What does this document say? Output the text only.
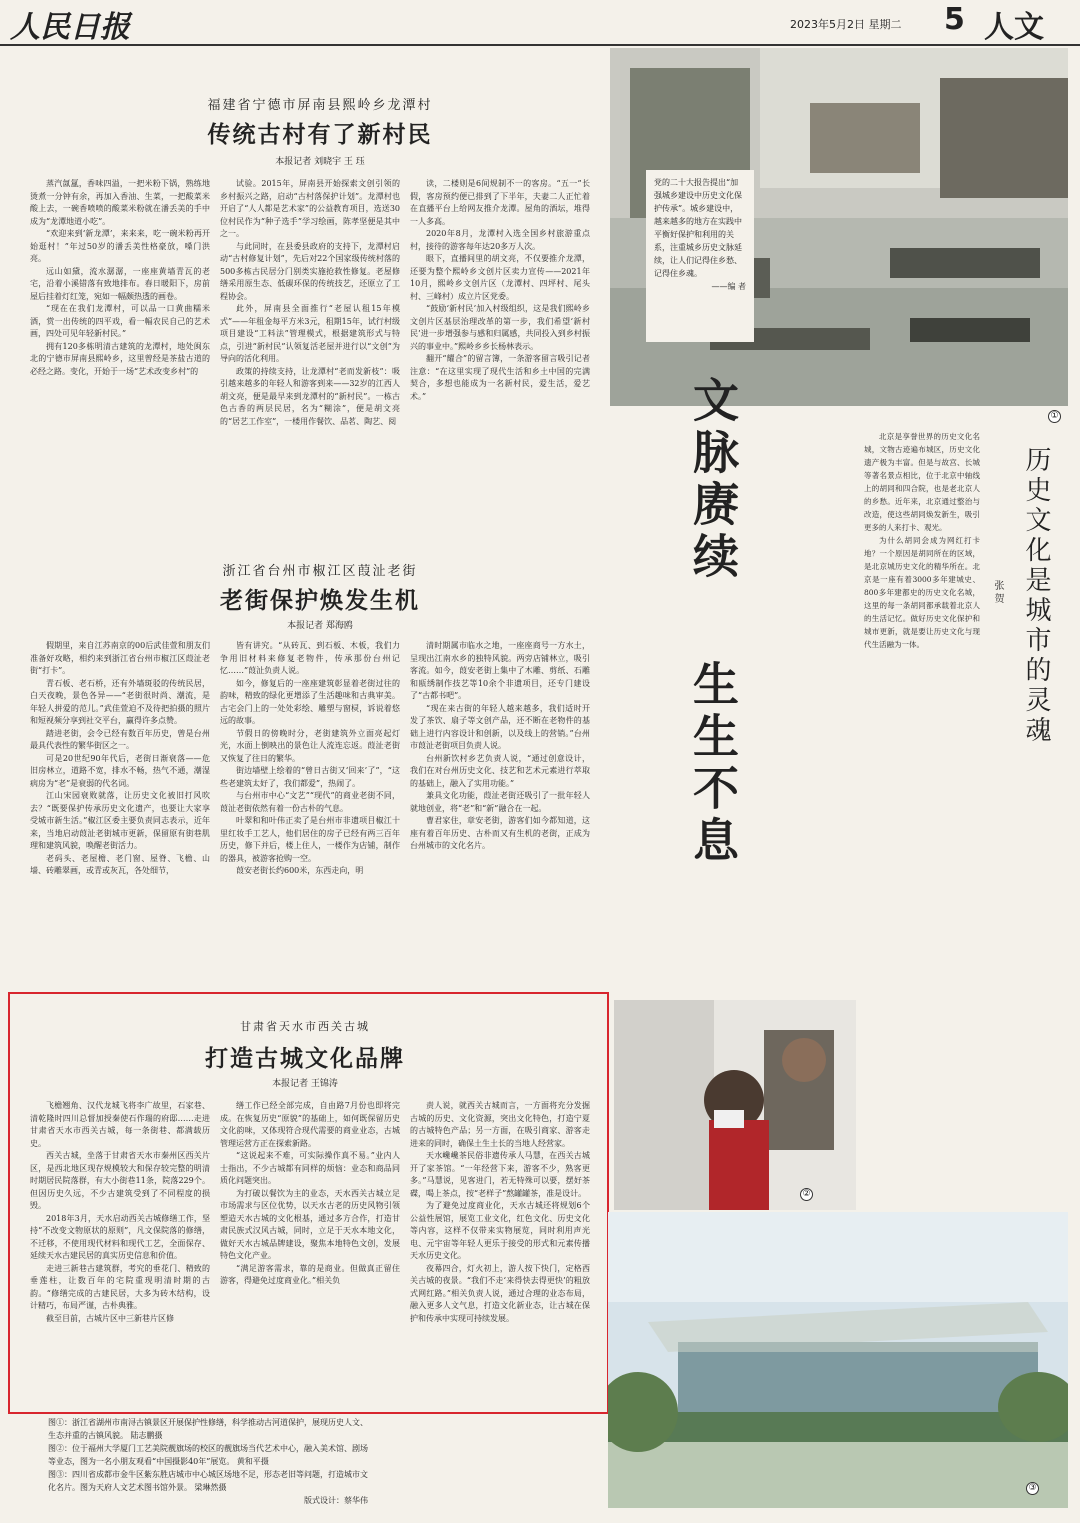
人民日报	2023年5月2日 星期二 5 人文
党的二十大报告提出“加强城乡建设中历史文化保护传承”。城乡建设中，越来越多的地方在实践中平衡好保护和利用的关系，注重城乡历史文脉延续，让人们记得住乡愁、记得住乡魂。

——编 者
①
文脉赓续
生生不息
福建省宁德市屏南县熙岭乡龙潭村
传统古村有了新村民
本报记者 刘晓宇 王 珏

蒸汽氤氲，香味四溢，一把米粉下锅，熟练地烫煮一分钟有余，再加入香油、生菜，一把酸菜米酸上去，一碗香喷喷的酸菜米粉就在潘丢美的手中成为“龙潭地道小吃”。

“欢迎来到‘新龙潭’，来来来，吃一碗米粉再开始逛村！”年过50岁的潘丢美性格豪放，嗓门洪亮。

远山如黛，流水潺潺，一座座黄墙青瓦的老宅，沿着小溪错落有致地排布。春日暖阳下，房前屋后挂着灯红笼，宛如一幅颇热透的画卷。

“现在在我们龙潭村，可以品一口黄曲糯米酒，赏一出传统的四平戏，看一幅农民自己的艺术画，四处可见年轻新村民。”

拥有120多栋明清古建筑的龙潭村，地处闽东北的宁德市屏南县熙岭乡，这里曾经是茶盐古道的必经之路。变化，开始于一场“艺术改变乡村”的

试验。2015年，屏南县开始探索文创引领的乡村振兴之路，启动“古村落保护计划”。龙潭村也开启了“人人都是艺术家”的公益教育项目，选送30位村民作为“种子选手”学习绘画，陈孝坚便是其中之一。

与此同时，在县委县政府的支持下，龙潭村启动“古村修复计划”，先后对22个国家级传统村落的500多栋古民居分门别类实施抢救性修复。老屋修缮采用原生态、低碳环保的传统技艺，还原立了工程协会。

此外，屏南县全面推行“老屋认租15年模式”——年租金每平方米3元，租期15年，试行村级项目建设“工料法”管理模式，根据建筑形式与特点，引进“新村民”认领复活老屋并进行以“文创”为导向的活化利用。

政策的持续支持，让龙潭村“老而发新枝”：吸引越来越多的年轻人和游客到来——32岁的江西人胡文亮，便是最早来到龙潭村的“新村民”。一栋古色古香的两层民居，名为“糊涂”，便是胡文亮的“居艺工作室”，一楼用作餐饮、品茗、陶艺、阅

读，二楼则是6间规制不一的客房。“五一”长假，客房预约便已排到了下半年，夫妻二人正忙着在直播平台上给网友推介龙潭。屋角的酒坛，堆得一人多高。

2020年8月，龙潭村入选全国乡村旅游重点村，接待的游客每年达20多万人次。

眼下，直播间里的胡文亮，不仅要推介龙潭，还要为整个熙岭乡文创片区卖力宣传——2021年10月，熙岭乡文创片区（龙潭村、四坪村、尾头村、三峰村）成立片区党委。

“鼓励‘新村民’加入村级组织，这是我们熙岭乡文创片区基层治理改革的第一步，我们希望‘新村民’进一步增强参与感和归属感，共同投入到乡村振兴的事业中。”熙岭乡乡长杨林表示。

翻开“耀合”的留言簿，一条游客留言吸引记者注意：“在这里实现了现代生活和乡土中国的完满契合，多想也能成为一名新村民，爱生活，爱艺术。”

浙江省台州市椒江区葭沚老街
老街保护焕发生机
本报记者 郑海鸥

假期里，来自江苏南京的00后武佳萱和朋友们准备好攻略，相约来到浙江省台州市椒江区葭沚老街“打卡”。

青石板、老石桥，还有外墙斑驳的传统民居，白天夜晚，景色各异——“老街很时尚、潮流，是年轻人拼爱的范儿。”武佳萱迫不及待把拍摄的照片和短视频分享到社交平台，赢得许多点赞。

踏进老街，会令已经有数百年历史，曾是台州最具代表性的繁华街区之一。

可是20世纪90年代后，老街日渐衰落——危旧房林立，道路不宽，排水不畅，热气不通，潮湿病房为“老”是衰弱的代名词。

江山宋园衰败就落，让历史文化被旧打风吹去？“既要保护传承历史文化遗产，也要让大家享受城市新生活。”椒江区委主要负责同志表示，近年来，当地启动葭沚老街城市更新，保留原有街巷肌理和建筑风貌，唤醒老街活力。

老码头、老屋檐、老门窗、屋脊、飞檐、山墙、砖雕翠画，或青或灰瓦，各处细节，

皆有讲究。“从砖瓦、到石板、木板，我们力争用旧材料来修复老物件，传承那份台州记忆……”葭沚负责人说。

如今，修复后的一座座建筑彰显着老街过往的韵味，精致的绿化更增添了生活趣味和古典审美。古宅会门上的一处处彩绘、雕塑与窗棂，诉说着悠远的故事。

节假日的傍晚时分，老街建筑外立面亮起灯光，水面上倒映出的景色让人流连忘返。葭沚老街又恢复了往日的繁华。

街边墙壁上绘着的“曾日古街又‘回来’了”，“这些老建筑太好了，我们都爱”，热闹了。

与台州市中心“文艺”“现代”的商业老街不同，葭沚老街依然有着一份古朴的气息。

叶翠和和叶伟正卖了是台州市非遗项目椒江十里红妆手工艺人，他们居住的房子已经有两三百年历史，修下并后，楼上住人，一楼作为店铺，制作的器具，被游客抢购一空。

葭安老街长约600米，东西走向，明

清时期属市临水之地，一座座商号一方水土，呈现出江南水乡的独特风貌。两旁店铺林立，吸引客流。如今，葭安老街上集中了木雕、剪纸、石雕和瓯绣制作技艺等10余个非遗项目，还专门建设了“古都书吧”。

“现在来古街的年轻人越来越多，我们适时开发了茶饮、扇子等文创产品，还不断在老物件的基础上进行内容设计和创新，以及线上的营销。”台州市葭沚老街项目负责人说。

台州新饮村乡艺负责人说，“通过创意设计，我们在对台州历史文化、技艺和艺术元素进行萃取的基础上，融入了实用功能。”

兼具文化功能，葭沚老街还吸引了一批年轻人就地创业，将“老”和“新”融合在一起。

曹君家住，章安老街，游客们如今都知道，这座有着百年历史、古朴而又有生机的老街，正成为台州城市的文化名片。

历史文化是城市的灵魂
张 贺

北京是享誉世界的历史文化名城，文物古迹遍布城区，历史文化遗产极为丰富。但是与故宫、长城等著名景点相比，位于北京中轴线上的胡同和四合院，也是老北京人的乡愁。近年来，北京通过整治与改造，使这些胡同焕发新生，吸引更多的人来打卡、观光。

为什么胡同会成为网红打卡地？一个原因是胡同所在的区域，是北京城历史文化的精华所在。北京是一座有着3000多年建城史、800多年建都史的历史文化名城，这里的每一条胡同都承载着北京人的生活记忆。做好历史文化保护和城市更新，就是要让历史文化与现代生活融为一体。

甘肃省天水市西关古城
打造古城文化品牌
本报记者 王锦涛

飞檐翘角、汉代龙城飞将李广故里，石家巷、清乾隆时四川总督加授秦使石作瑞的府邸……走进甘肃省天水市西关古城，每一条街巷、都满载历史。

西关古城，坐落于甘肃省天水市秦州区西关片区，是西北地区现存规模较大和保存较完整的明清时期居民院落群，有大小街巷11条，院落229个。但因历史久远，不少古建筑受到了不同程度的损毁。

2018年3月，天水启动西关古城修缮工作，坚持“不改变文物原状的原则”，凡文保院落的修缮，不迁移，不使用现代材料和现代工艺，全面保存、延续天水古建民居的真实历史信息和价值。

走进三新巷古建筑群，考究的垂花门、精致的垂莲柱，让数百年的宅院重现明清时期的古韵。“修缮完成的古建民居，大多为砖木结构，设计精巧，布局严谨，古朴典雅。

截至目前，古城片区中三新巷片区修

缮工作已经全部完成，自由路7月份也即将完成。在恢复历史“原貌”的基础上，如何既保留历史文化韵味，又体现符合现代需要的商业业态，古城管理运营方正在探索新路。

“这说起来不难，可实际操作真不易。”业内人士指出，不少古城都有同样的烦恼：业态和商品同质化问题突出。

为打破以餐饮为主的业态，天水西关古城立足市场需求与区位优势，以天水古老的历史风物引领塑造天水古城的文化根基，通过多方合作，打造甘肃民族式汉风古城，同时，立足于天水本地文化，做好天水古城品牌建设，聚焦本地特色文创，发展特色文化产业。

“满足游客需求，靠的是商业。但做真正留住游客，得避免过度商业化。”相关负

责人说，就西关古城而言，一方面将充分发掘古城的历史、文化资源，突出文化特色，打造宁夏的古城特色产品；另一方面，在吸引商家、游客走进来的同时，确保土生土长的当地人经营家。

天水巉巉茶民俗非遗传承人马慧，在西关古城开了家茶馆。“一年经营下来，游客不少，熟客更多。”马慧说，见客进门，若无特殊可以要，摆好茶碟，喝上茶点，按“老样子”熬罐罐茶，准是设计。

为了避免过度商业化，天水古城还将规划6个公益性展馆，展览工业文化，红色文化、历史文化等内容，这样不仅带来实物展览，同时利用声光电、元宇宙等年轻人更乐于接受的形式和元素传播天水历史文化。

夜幕四合，灯火初上，游人按下快门，定格西关古城的夜景。“我们不走‘来得快去得更快’的粗放式网红路。”相关负责人说，通过合理的业态布局，融入更多人文气息，打造文化新业态，让古城在保护和传承中实现可持续发展。

②
③
图①：浙江省湖州市南浔古镇景区开展保护性修缮，科学推动古河道保护，展现历史人文、生态并重的古镇风貌。 陆志鹏摄
图②：位于福州大学厦门工艺美院靓旗场的校区的靓旗场当代艺术中心，融入美术馆、剧场等业态，图为一名小朋友观看“中国摄影40年”展览。 黄和平摄
图③：四川省成都市金牛区紫东胜店城市中心城区场地不足，形态老旧等问题，打造城市文化名片。图为天府人文艺术图书馆外景。 梁琳然摄
版式设计：蔡华伟
